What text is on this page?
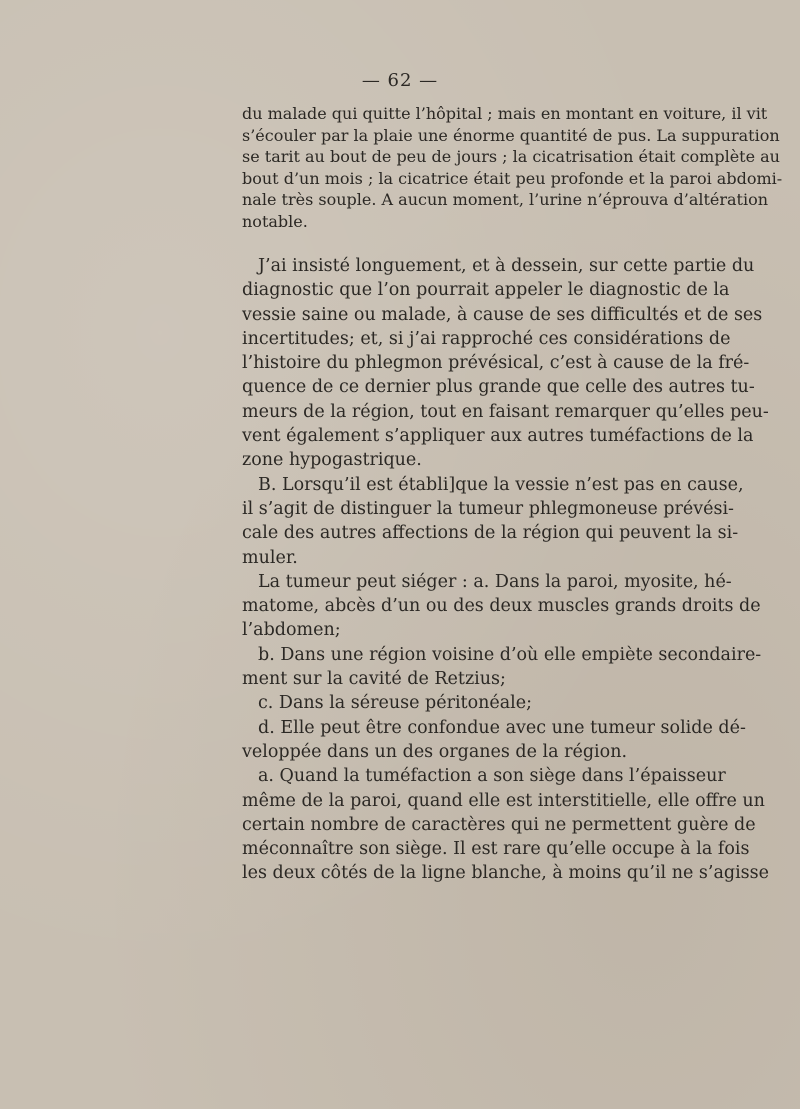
— 62 —
du malade qui quitte l’hôpital ; mais en montant en voiture, il vit
s’écouler par la plaie une énorme quantité de pus. La suppuration
se tarit au bout de peu de jours ; la cicatrisation était complète au
bout d’un mois ; la cicatrice était peu profonde et la paroi abdomi-
nale très souple. A aucun moment, l’urine n’éprouva d’altération
notable.
J’ai insisté longuement, et à dessein, sur cette partie du
diagnostic que l’on pourrait appeler le diagnostic de la
vessie saine ou malade, à cause de ses difficultés et de ses
incertitudes; et, si j’ai rapproché ces considérations de
l’histoire du phlegmon prévésical, c’est à cause de la fré-
quence de ce dernier plus grande que celle des autres tu-
meurs de la région, tout en faisant remarquer qu’elles peu-
vent également s’appliquer aux autres tuméfactions de la
zone hypogastrique.
B. Lorsqu’il est établi]que la vessie n’est pas en cause,
il s’agit de distinguer la tumeur phlegmoneuse prévési-
cale des autres affections de la région qui peuvent la si-
muler.
La tumeur peut siéger : a. Dans la paroi, myosite, hé-
matome, abcès d’un ou des deux muscles grands droits de
l’abdomen;
b. Dans une région voisine d’où elle empiète secondaire-
ment sur la cavité de Retzius;
c. Dans la séreuse péritonéale;
d. Elle peut être confondue avec une tumeur solide dé-
veloppée dans un des organes de la région.
a. Quand la tuméfaction a son siège dans l’épaisseur
même de la paroi, quand elle est interstitielle, elle offre un
certain nombre de caractères qui ne permettent guère de
méconnaître son siège. Il est rare qu’elle occupe à la fois
les deux côtés de la ligne blanche, à moins qu’il ne s’agisse
